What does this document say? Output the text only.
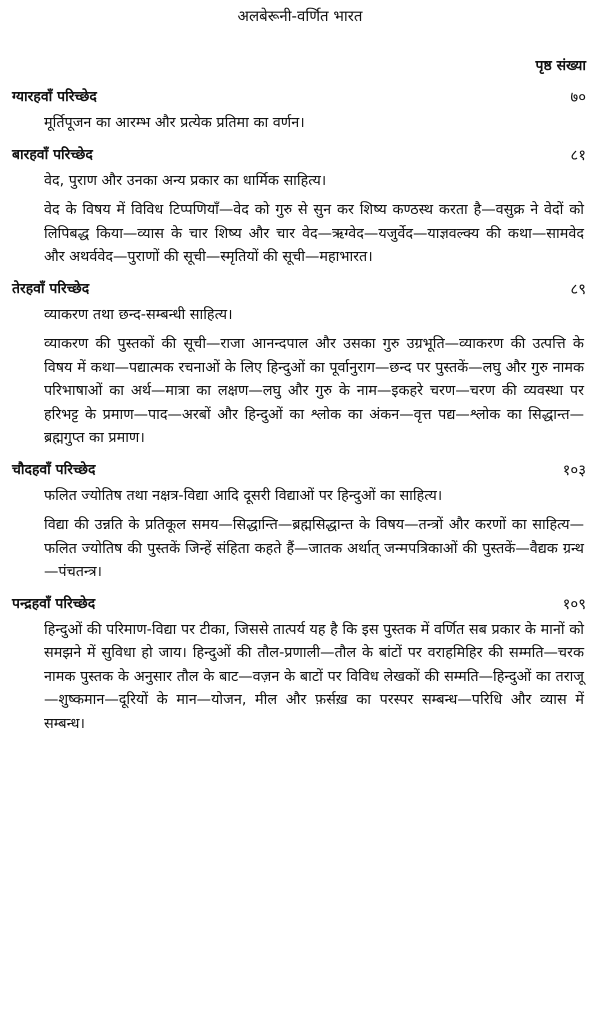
अलबेरूनी-वर्णित भारत
पृष्ठ संख्या
ग्यारहवाँ परिच्छेद	७०

मूर्तिपूजन का आरम्भ और प्रत्येक प्रतिमा का वर्णन।

बारहवाँ परिच्छेद	८१

वेद, पुराण और उनका अन्य प्रकार का धार्मिक साहित्य।

वेद के विषय में विविध टिप्पणियाँ—वेद को गुरु से सुन कर शिष्य कण्ठस्थ करता है—वसुक्र ने वेदों को लिपिबद्ध किया—व्यास के चार शिष्य और चार वेद—ऋग्वेद—यजुर्वेद—याज्ञवल्क्य की कथा—सामवेद और अथर्ववेद—पुराणों की सूची—स्मृतियों की सूची—महाभारत।

तेरहवाँ परिच्छेद	८९

व्याकरण तथा छन्द-सम्बन्धी साहित्य।

व्याकरण की पुस्तकों की सूची—राजा आनन्दपाल और उसका गुरु उग्रभूति—व्याकरण की उत्पत्ति के विषय में कथा—पद्यात्मक रचनाओं के लिए हिन्दुओं का पूर्वानुराग—छन्द पर पुस्तकें—लघु और गुरु नामक परिभाषाओं का अर्थ—मात्रा का लक्षण—लघु और गुरु के नाम—इकहरे चरण—चरण की व्यवस्था पर हरिभट्ट के प्रमाण—पाद—अरबों और हिन्दुओं का श्लोक का अंकन—वृत्त पद्य—श्लोक का सिद्धान्त—ब्रह्मगुप्त का प्रमाण।

चौदहवाँ परिच्छेद	१०३

फलित ज्योतिष तथा नक्षत्र-विद्या आदि दूसरी विद्याओं पर हिन्दुओं का साहित्य।

विद्या की उन्नति के प्रतिकूल समय—सिद्धान्ति—ब्रह्मसिद्धान्त के विषय—तन्त्रों और करणों का साहित्य—फलित ज्योतिष की पुस्तकें जिन्हें संहिता कहते हैं—जातक अर्थात् जन्मपत्रिकाओं की पुस्तकें—वैद्यक ग्रन्थ—पंचतन्त्र।

पन्द्रहवाँ परिच्छेद	१०९

हिन्दुओं की परिमाण-विद्या पर टीका, जिससे तात्पर्य यह है कि इस पुस्तक में वर्णित सब प्रकार के मानों को समझने में सुविधा हो जाय। हिन्दुओं की तौल-प्रणाली—तौल के बांटों पर वराहमिहिर की सम्मति—चरक नामक पुस्तक के अनुसार तौल के बाट—वज़न के बाटों पर विविध लेखकों की सम्मति—हिन्दुओं का तराजू—शुष्कमान—दूरियों के मान—योजन, मील और फ़र्सख़ का परस्पर सम्बन्ध—परिधि और व्यास में सम्बन्ध।
